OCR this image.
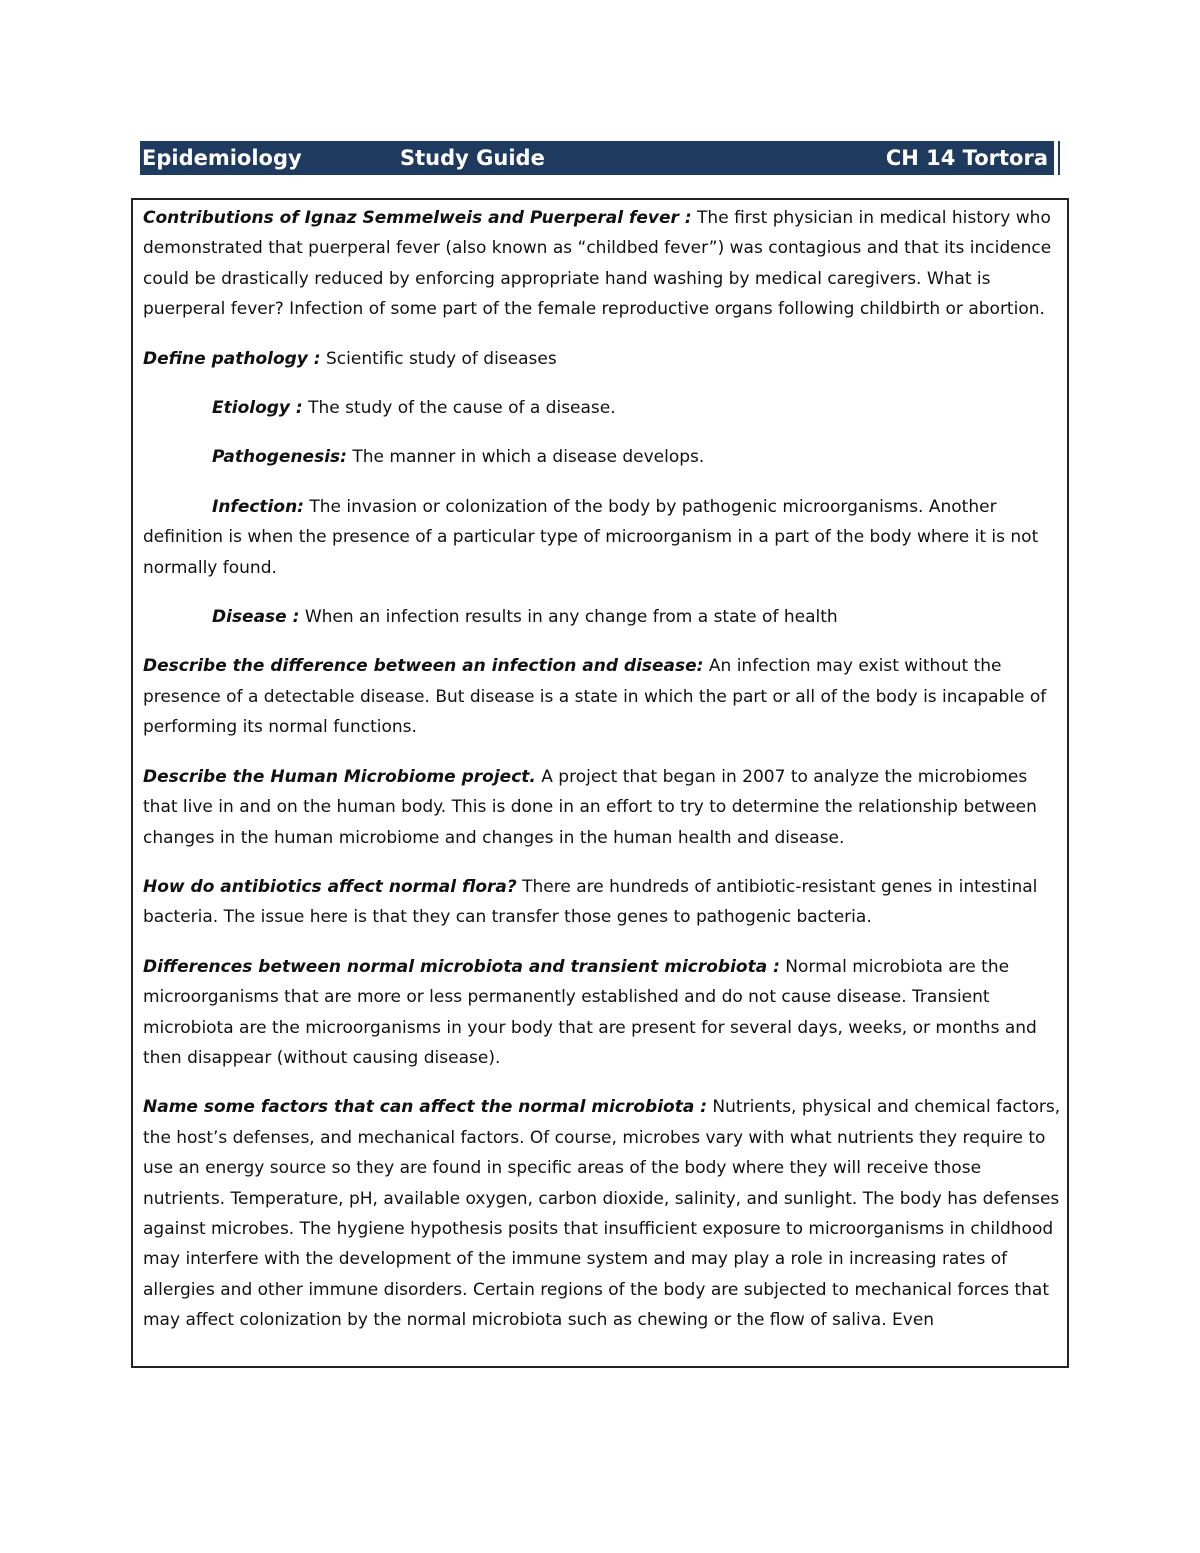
Epidemiology	Study Guide	CH 14 Tortora

Contributions of Ignaz Semmelweis and Puerperal fever : The first physician in medical history who demonstrated that puerperal fever (also known as “childbed fever”) was contagious and that its incidence could be drastically reduced by enforcing appropriate hand washing by medical caregivers. What is puerperal fever? Infection of some part of the female reproductive organs following childbirth or abortion.

Define pathology : Scientific study of diseases

Etiology : The study of the cause of a disease.

Pathogenesis: The manner in which a disease develops.

Infection: The invasion or colonization of the body by pathogenic microorganisms. Another
definition is when the presence of a particular type of microorganism in a part of the body where it is not normally found.

Disease : When an infection results in any change from a state of health

Describe the difference between an infection and disease: An infection may exist without the presence of a detectable disease. But disease is a state in which the part or all of the body is incapable of performing its normal functions.

Describe the Human Microbiome project. A project that began in 2007 to analyze the microbiomes that live in and on the human body. This is done in an effort to try to determine the relationship between changes in the human microbiome and changes in the human health and disease.

How do antibiotics affect normal flora? There are hundreds of antibiotic-resistant genes in intestinal bacteria. The issue here is that they can transfer those genes to pathogenic bacteria.

Differences between normal microbiota and transient microbiota : Normal microbiota are the microorganisms that are more or less permanently established and do not cause disease. Transient microbiota are the microorganisms in your body that are present for several days, weeks, or months and then disappear (without causing disease).

Name some factors that can affect the normal microbiota : Nutrients, physical and chemical factors, the host’s defenses, and mechanical factors. Of course, microbes vary with what nutrients they require to use an energy source so they are found in specific areas of the body where they will receive those nutrients. Temperature, pH, available oxygen, carbon dioxide, salinity, and sunlight. The body has defenses against microbes. The hygiene hypothesis posits that insufficient exposure to microorganisms in childhood may interfere with the development of the immune system and may play a role in increasing rates of allergies and other immune disorders. Certain regions of the body are subjected to mechanical forces that may affect colonization by the normal microbiota such as chewing or the flow of saliva. Even
